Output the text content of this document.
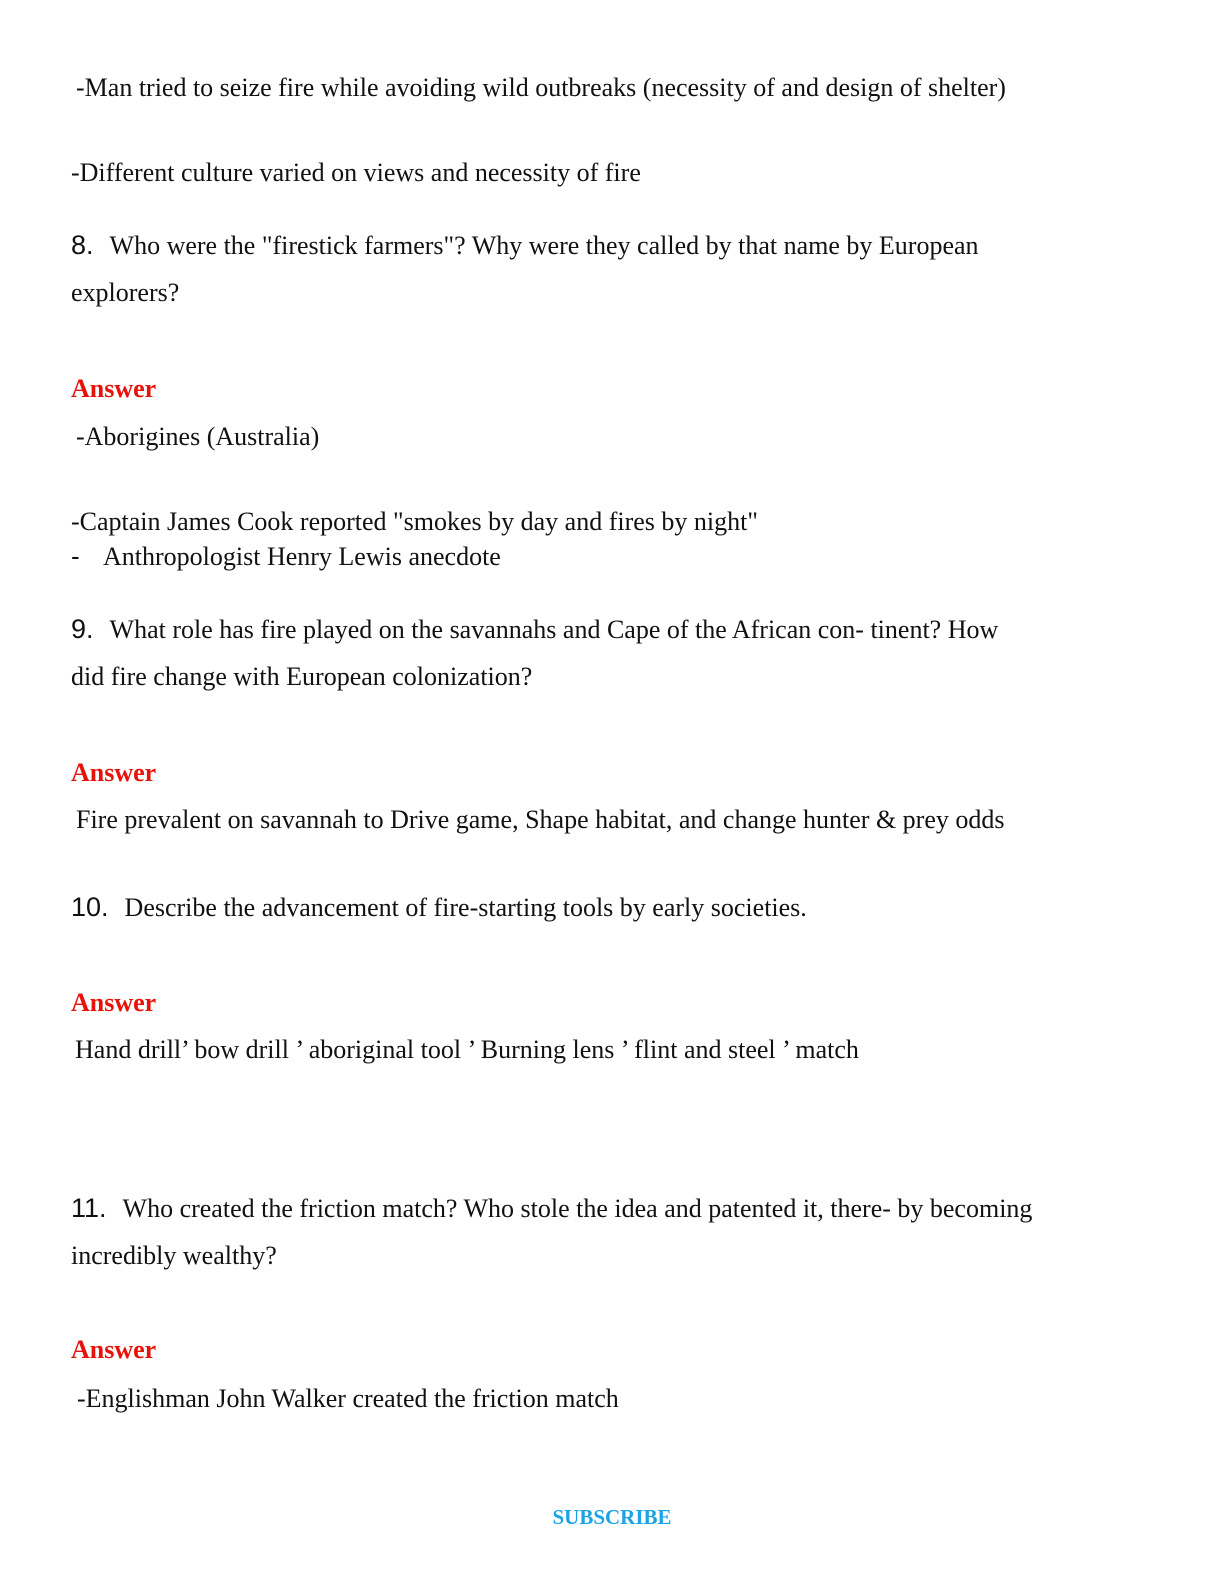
-Man tried to seize fire while avoiding wild outbreaks (necessity of and design of shelter)
-Different culture varied on views and necessity of fire
8. Who were the "firestick farmers"? Why were they called by that name by European
explorers?
Answer
-Aborigines (Australia)
-Captain James Cook reported "smokes by day and fires by night"
- Anthropologist Henry Lewis anecdote
9. What role has fire played on the savannahs and Cape of the African con- tinent? How
did fire change with European colonization?
Answer
Fire prevalent on savannah to Drive game, Shape habitat, and change hunter & prey odds
10. Describe the advancement of fire-starting tools by early societies.
Answer
Hand drill’ bow drill ’ aboriginal tool ’ Burning lens ’ flint and steel ’ match
11. Who created the friction match? Who stole the idea and patented it, there- by becoming
incredibly wealthy?
Answer
-Englishman John Walker created the friction match
SUBSCRIBE
